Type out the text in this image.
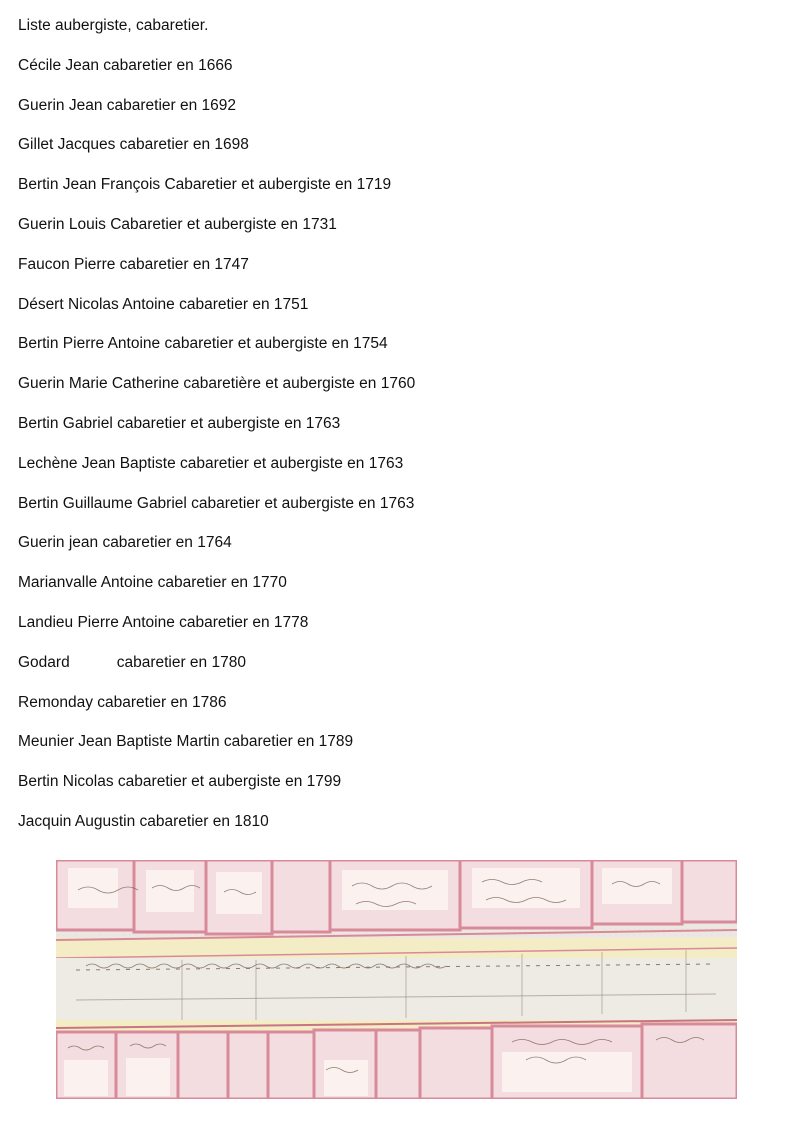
Liste aubergiste, cabaretier.
Cécile Jean cabaretier en 1666
Guerin Jean cabaretier en 1692
Gillet Jacques cabaretier en 1698
Bertin Jean François Cabaretier et aubergiste en 1719
Guerin Louis Cabaretier et aubergiste en 1731
Faucon Pierre cabaretier en 1747
Désert Nicolas Antoine cabaretier en 1751
Bertin Pierre Antoine cabaretier et aubergiste en 1754
Guerin Marie Catherine cabaretière et aubergiste en 1760
Bertin Gabriel cabaretier et aubergiste en 1763
Lechène Jean Baptiste cabaretier et aubergiste en 1763
Bertin Guillaume Gabriel cabaretier et aubergiste en 1763
Guerin jean cabaretier en 1764
Marianvalle Antoine cabaretier en 1770
Landieu Pierre Antoine cabaretier en 1778
Godard	cabaretier en 1780
Remonday cabaretier en 1786
Meunier Jean Baptiste Martin cabaretier en 1789
Bertin Nicolas cabaretier et aubergiste en 1799
Jacquin Augustin cabaretier en 1810
